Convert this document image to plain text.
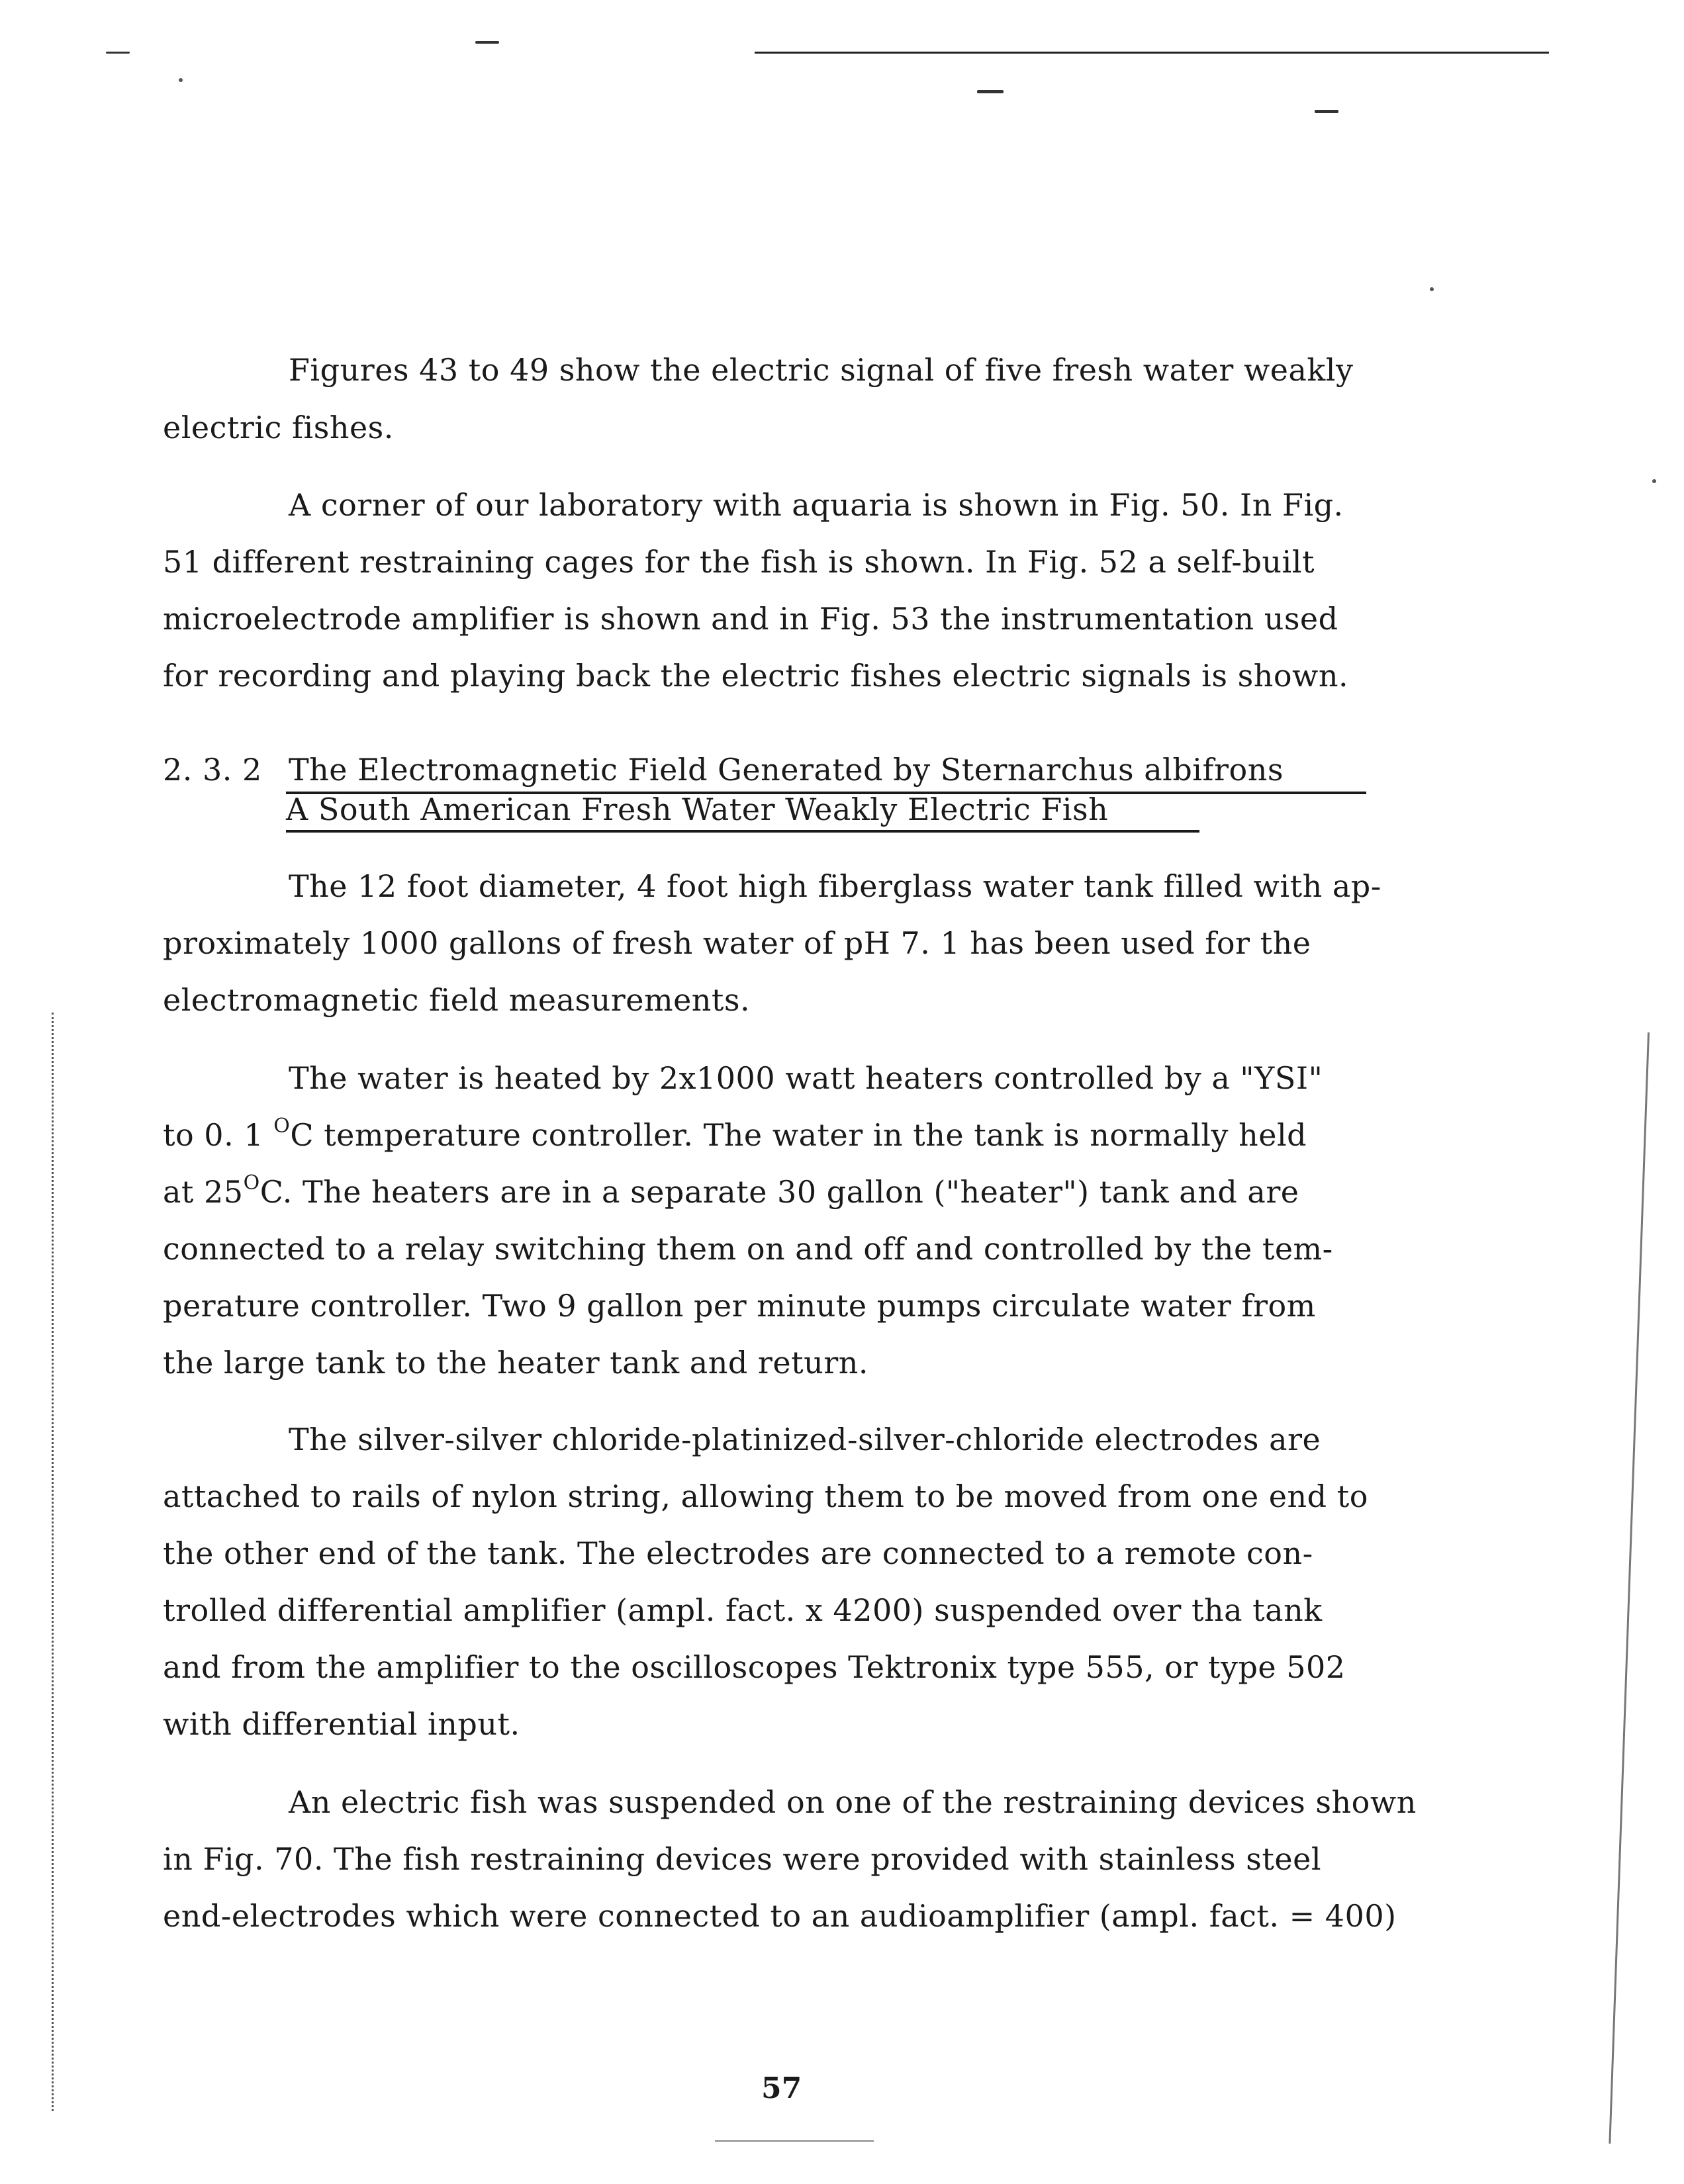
Figures 43 to 49 show the electric signal of five fresh water weakly
electric fishes.
A corner of our laboratory with aquaria is shown in Fig. 50. In Fig.
51 different restraining cages for the fish is shown. In Fig. 52 a self-built
microelectrode amplifier is shown and in Fig. 53 the instrumentation used
for recording and playing back the electric fishes electric signals is shown.
2. 3. 2 The Electromagnetic Field Generated by Sternarchus albifrons
A South American Fresh Water Weakly Electric Fish
The 12 foot diameter, 4 foot high fiberglass water tank filled with ap-
proximately 1000 gallons of fresh water of pH 7. 1 has been used for the
electromagnetic field measurements.
The water is heated by 2x1000 watt heaters controlled by a "YSI"
to 0. 1 $^O$C temperature controller. The water in the tank is normally held
at $25^OC$. The heaters are in a separate 30 gallon ("heater") tank and are
connected to a relay switching them on and off and controlled by the tem-
perature controller. Two 9 gallon per minute pumps circulate water from
the large tank to the heater tank and return.
The silver-silver chloride-platinized-silver-chloride electrodes are
attached to rails of nylon string, allowing them to be moved from one end to
the other end of the tank. The electrodes are connected to a remote con-
trolled differential amplifier (ampl. fact. x 4200) suspended over tha tank
and from the amplifier to the oscilloscopes Tektronix type 555, or type 502
with differential input.
An electric fish was suspended on one of the restraining devices shown
in Fig. 70. The fish restraining devices were provided with stainless steel
end-electrodes which were connected to an audioamplifier (ampl. fact. = 400)
57
